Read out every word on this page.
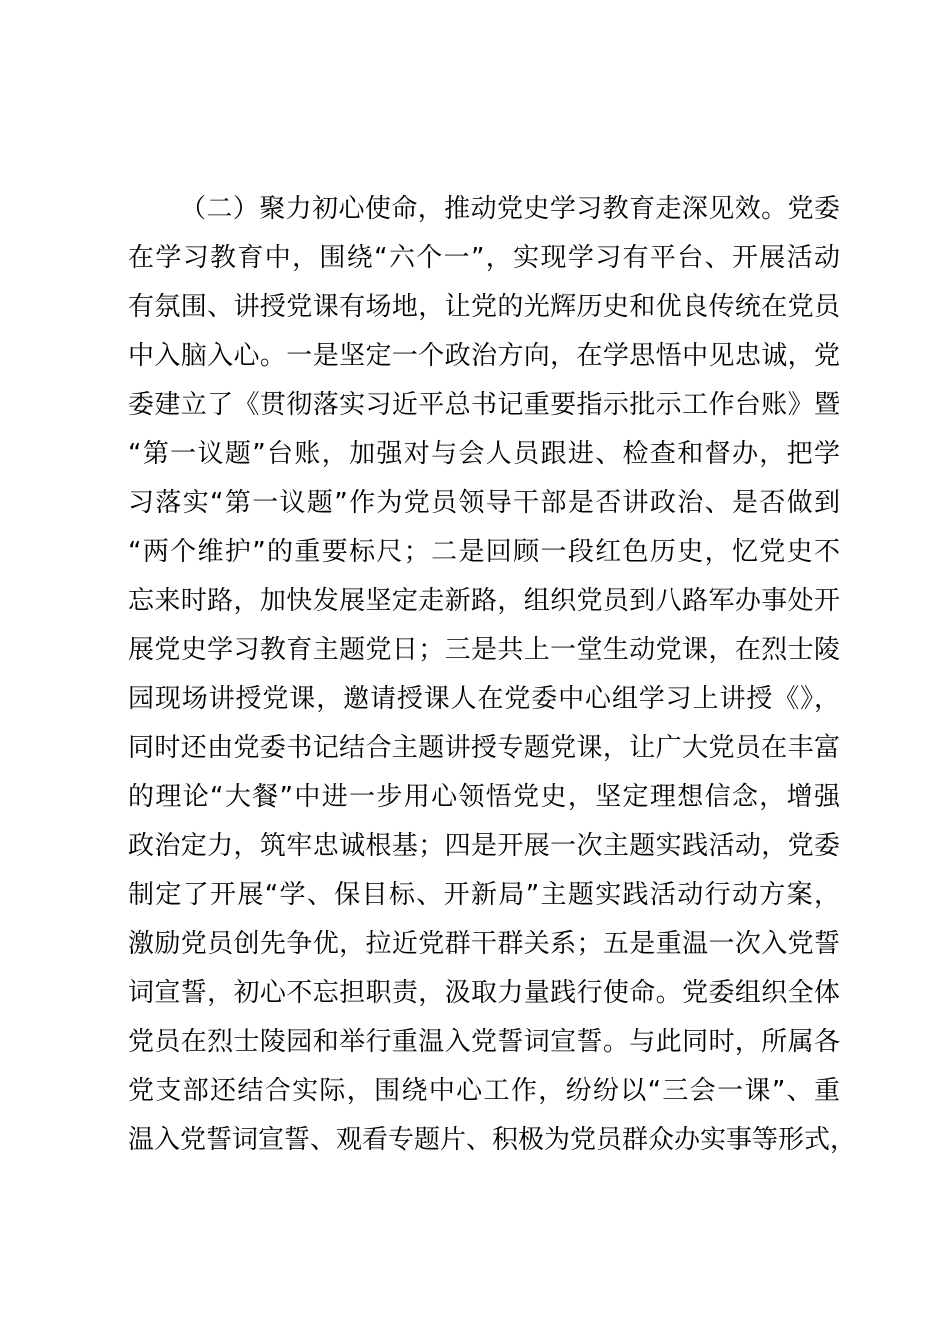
（二）聚力初心使命，推动党史学习教育走深见效。党委
在学习教育中，围绕“六个一”，实现学习有平台、开展活动
有氛围、讲授党课有场地，让党的光辉历史和优良传统在党员
中入脑入心。一是坚定一个政治方向，在学思悟中见忠诚，党
委建立了《贯彻落实习近平总书记重要指示批示工作台账》暨
“第一议题”台账，加强对与会人员跟进、检查和督办，把学
习落实“第一议题”作为党员领导干部是否讲政治、是否做到
“两个维护”的重要标尺；二是回顾一段红色历史，忆党史不
忘来时路，加快发展坚定走新路，组织党员到八路军办事处开
展党史学习教育主题党日；三是共上一堂生动党课，在烈士陵
园现场讲授党课，邀请授课人在党委中心组学习上讲授《》，
同时还由党委书记结合主题讲授专题党课，让广大党员在丰富
的理论“大餐”中进一步用心领悟党史，坚定理想信念，增强
政治定力，筑牢忠诚根基；四是开展一次主题实践活动，党委
制定了开展“学、保目标、开新局”主题实践活动行动方案，
激励党员创先争优，拉近党群干群关系；五是重温一次入党誓
词宣誓，初心不忘担职责，汲取力量践行使命。党委组织全体
党员在烈士陵园和举行重温入党誓词宣誓。与此同时，所属各
党支部还结合实际，围绕中心工作，纷纷以“三会一课”、重
温入党誓词宣誓、观看专题片、积极为党员群众办实事等形式，
